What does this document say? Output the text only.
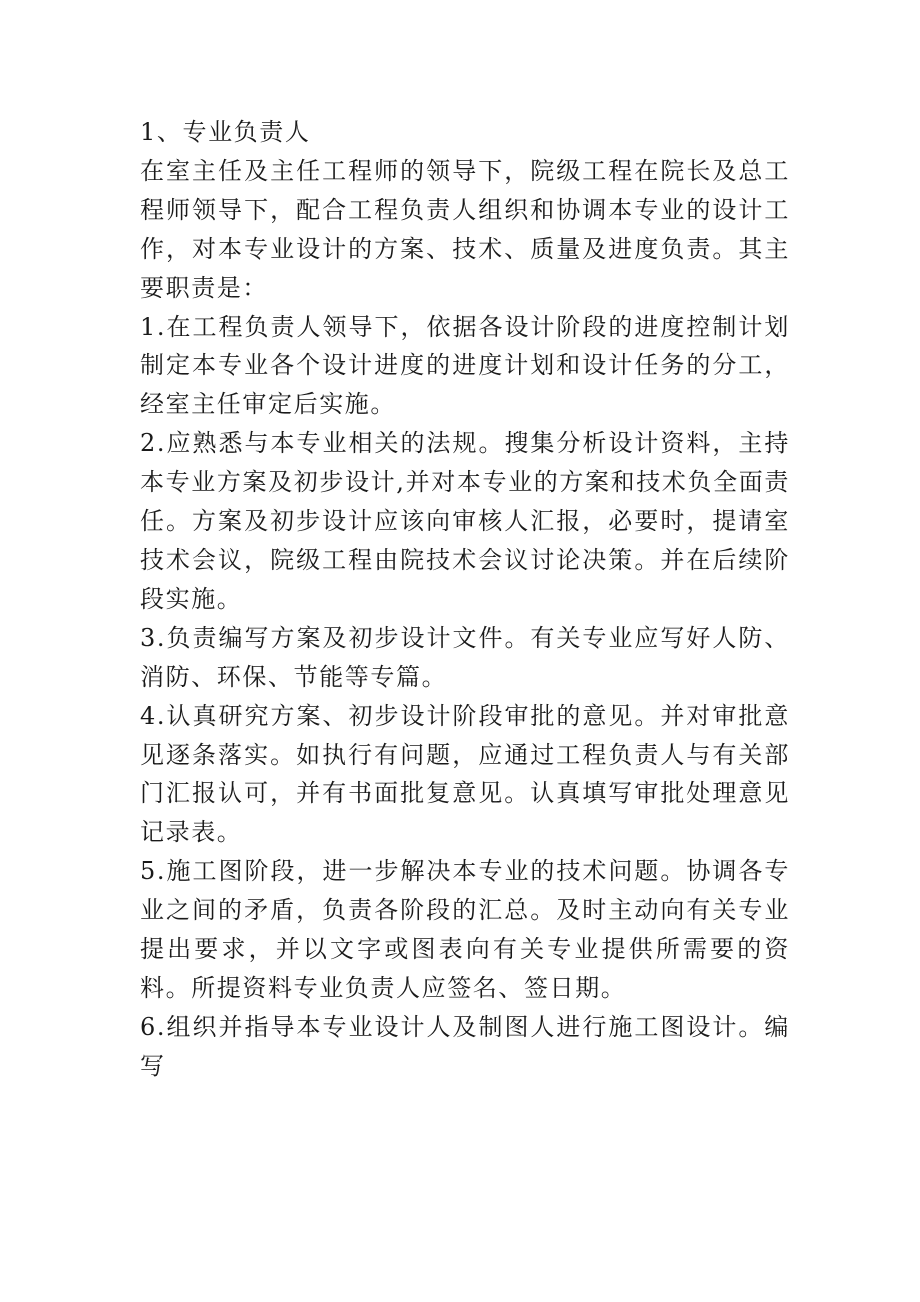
1、专业负责人

在室主任及主任工程师的领导下，院级工程在院长及总工程师领导下，配合工程负责人组织和协调本专业的设计工作，对本专业设计的方案、技术、质量及进度负责。其主要职责是：

1.在工程负责人领导下，依据各设计阶段的进度控制计划制定本专业各个设计进度的进度计划和设计任务的分工，经室主任审定后实施。

2.应熟悉与本专业相关的法规。搜集分析设计资料，主持本专业方案及初步设计,并对本专业的方案和技术负全面责任。方案及初步设计应该向审核人汇报，必要时，提请室技术会议，院级工程由院技术会议讨论决策。并在后续阶段实施。

3.负责编写方案及初步设计文件。有关专业应写好人防、消防、环保、节能等专篇。

4.认真研究方案、初步设计阶段审批的意见。并对审批意见逐条落实。如执行有问题，应通过工程负责人与有关部门汇报认可，并有书面批复意见。认真填写审批处理意见记录表。

5.施工图阶段，进一步解决本专业的技术问题。协调各专业之间的矛盾，负责各阶段的汇总。及时主动向有关专业提出要求，并以文字或图表向有关专业提供所需要的资料。所提资料专业负责人应签名、签日期。

6.组织并指导本专业设计人及制图人进行施工图设计。编写
